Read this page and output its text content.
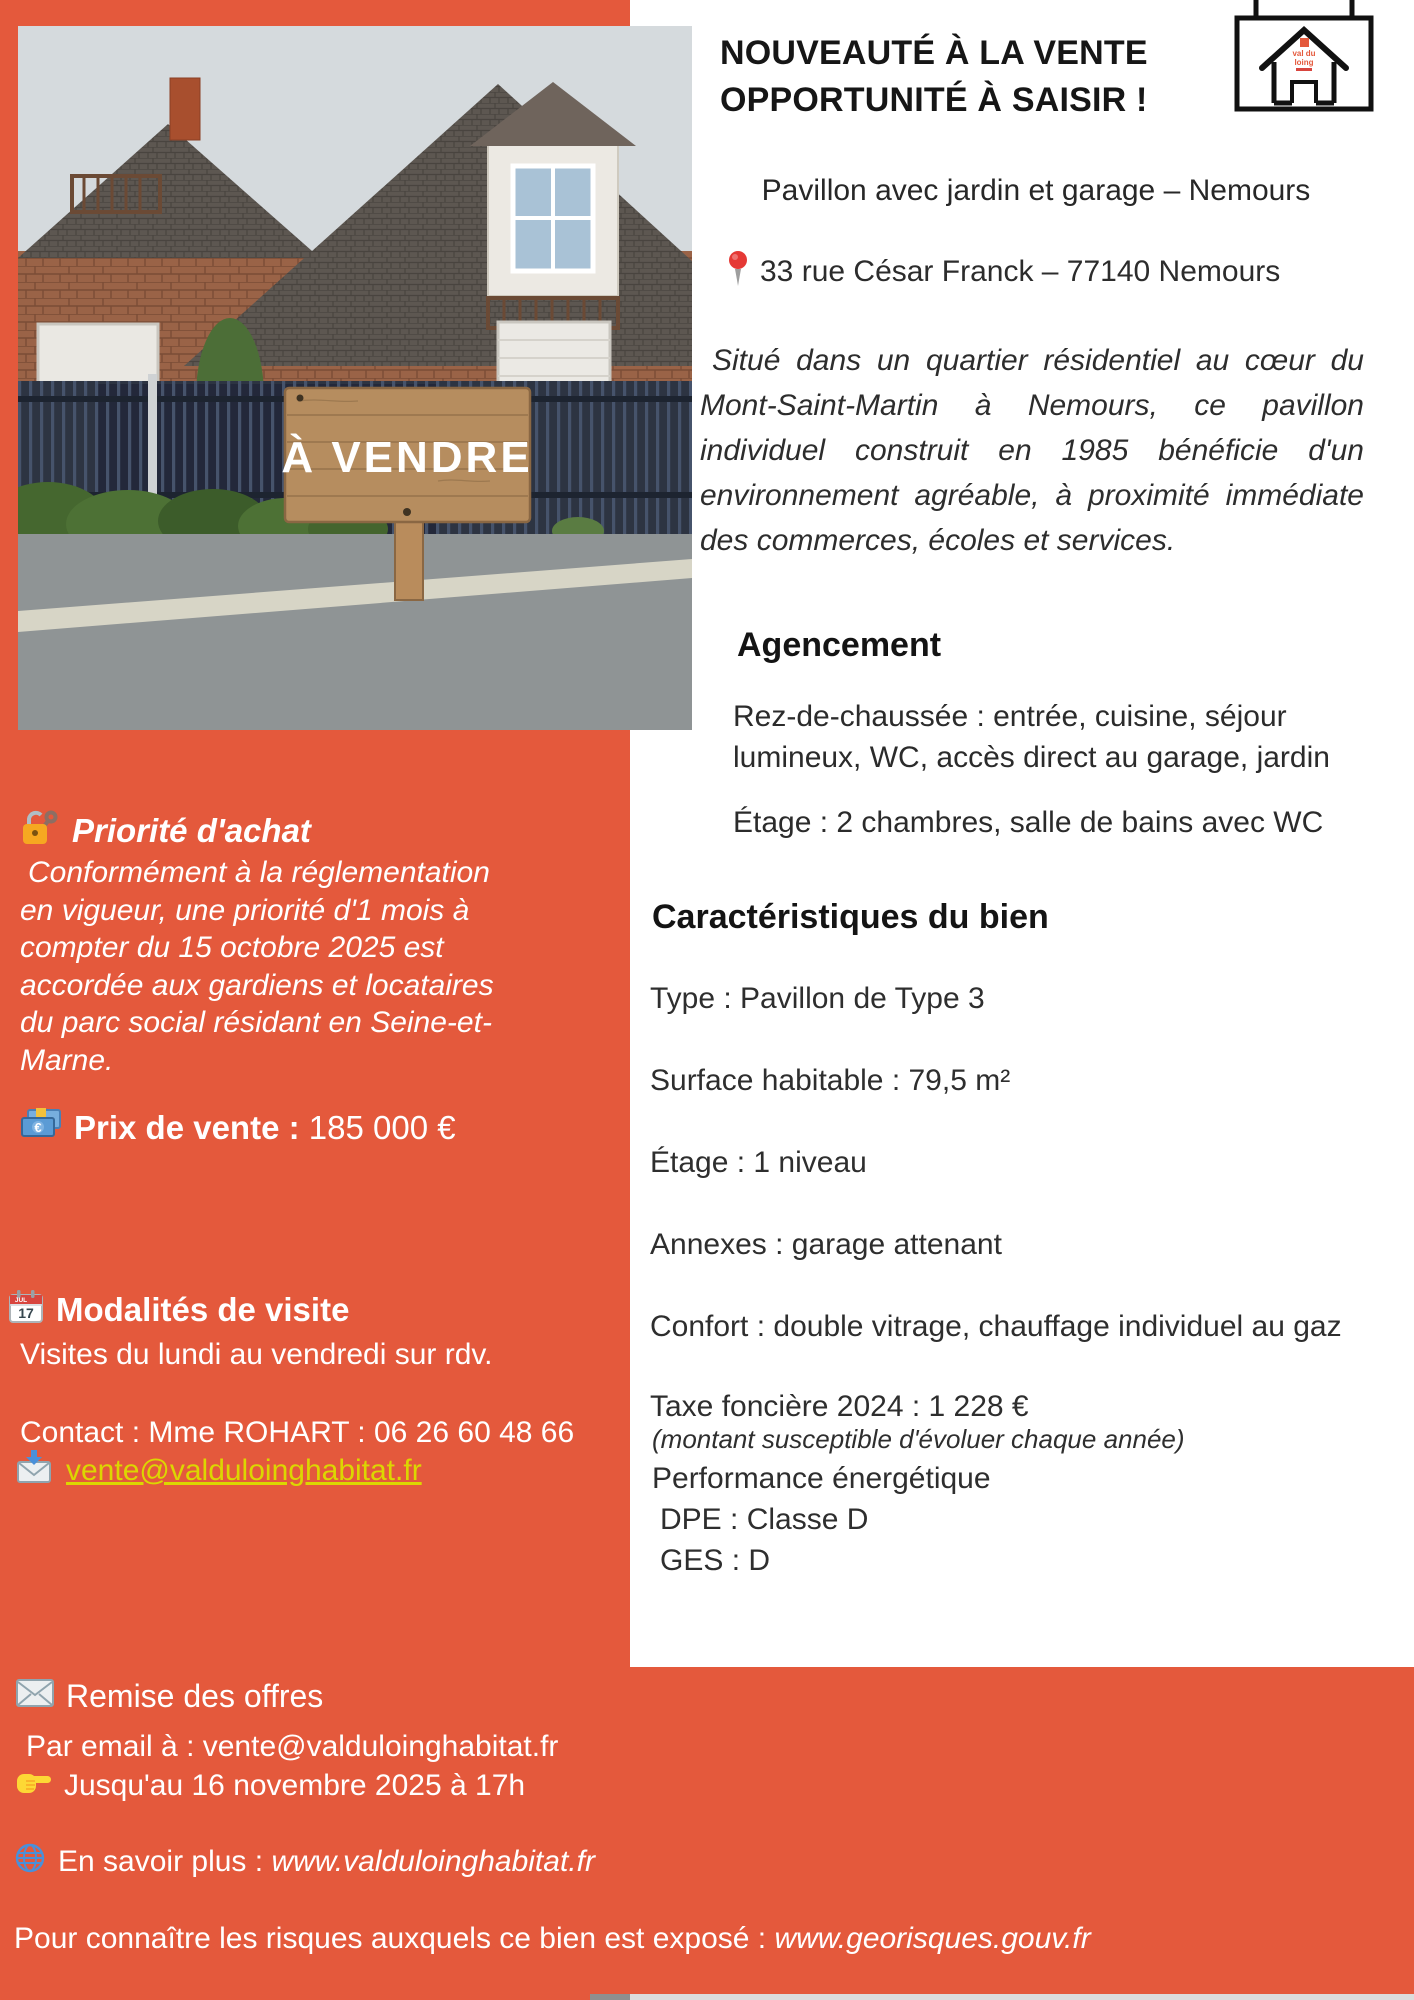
À VENDRE
val du
loing
NOUVEAUTÉ À LA VENTE
OPPORTUNITÉ À SAISIR !
Pavillon avec jardin et garage – Nemours
33 rue César Franck – 77140 Nemours
Situé dans un quartier résidentiel au cœur du Mont-Saint-Martin à Nemours, ce pavillon individuel construit en 1985 bénéficie d'un environnement agréable, à proximité immédiate des commerces, écoles et services.
Agencement
Rez-de-chaussée : entrée, cuisine, séjour lumineux, WC, accès direct au garage, jardin
Étage : 2 chambres, salle de bains avec WC
Caractéristiques du bien
Type : Pavillon de Type 3
Surface habitable : 79,5 m²
Étage : 1 niveau
Annexes : garage attenant
Confort : double vitrage, chauffage individuel au gaz
Taxe foncière 2024 : 1 228 €
(montant susceptible d'évoluer chaque année)
Performance énergétique
DPE : Classe D
GES : D
Priorité d'achat
Conformément à la réglementation en vigueur, une priorité d'1 mois à compter du 15 octobre 2025 est accordée aux gardiens et locataires du parc social résidant en Seine-et-Marne.
€ Prix de vente : 185 000 €
JUL
17 Modalités de visite
Visites du lundi au vendredi sur rdv.
Contact : Mme ROHART : 06 26 60 48 66
vente@valduloinghabitat.fr
Remise des offres
Par email à : vente@valduloinghabitat.fr
Jusqu'au 16 novembre 2025 à 17h
En savoir plus : www.valduloinghabitat.fr
Pour connaître les risques auxquels ce bien est exposé : www.georisques.gouv.fr
